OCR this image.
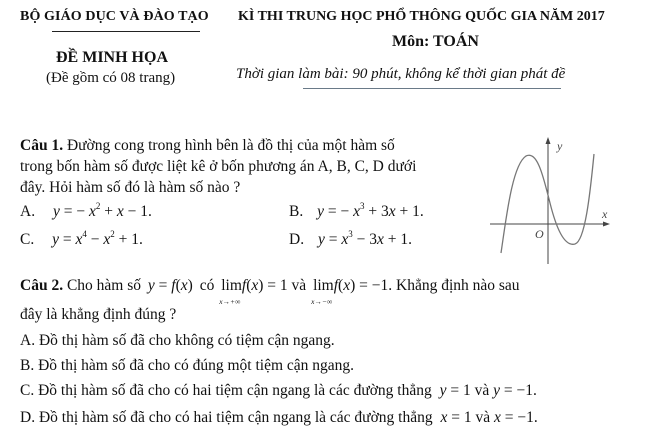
BỘ GIÁO DỤC VÀ ĐÀO TẠO KÌ THI TRUNG HỌC PHỔ THÔNG QUỐC GIA NĂM 2017
Môn: TOÁN
ĐỀ MINH HỌA
(Đề gồm có 08 trang)	Thời gian làm bài: 90 phút, không kể thời gian phát đề
Câu 1. Đường cong trong hình bên là đồ thị của một hàm số
trong bốn hàm số được liệt kê ở bốn phương án A, B, C, D dưới
đây. Hỏi hàm số đó là hàm số nào ?
A. y = − $x^2 + x - 1$.	B. y = − $x^3 + 3x + 1$.
C. $y = x^4 - x^2 + 1$.	D. $y = x^3 - 3x + 1$.
y
x
O
Câu 2. Cho hàm số y = f(x) có lim
x→+∞
f(x) = 1 và lim
x→−∞
f(x) = −1. Khẳng định nào sau
đây là khẳng định đúng ?
A. Đồ thị hàm số đã cho không có tiệm cận ngang.
B. Đồ thị hàm số đã cho có đúng một tiệm cận ngang.
C. Đồ thị hàm số đã cho có hai tiệm cận ngang là các đường thẳng y = 1 và y = −1.
D. Đồ thị hàm số đã cho có hai tiệm cận ngang là các đường thẳng x = 1 và x = −1.
